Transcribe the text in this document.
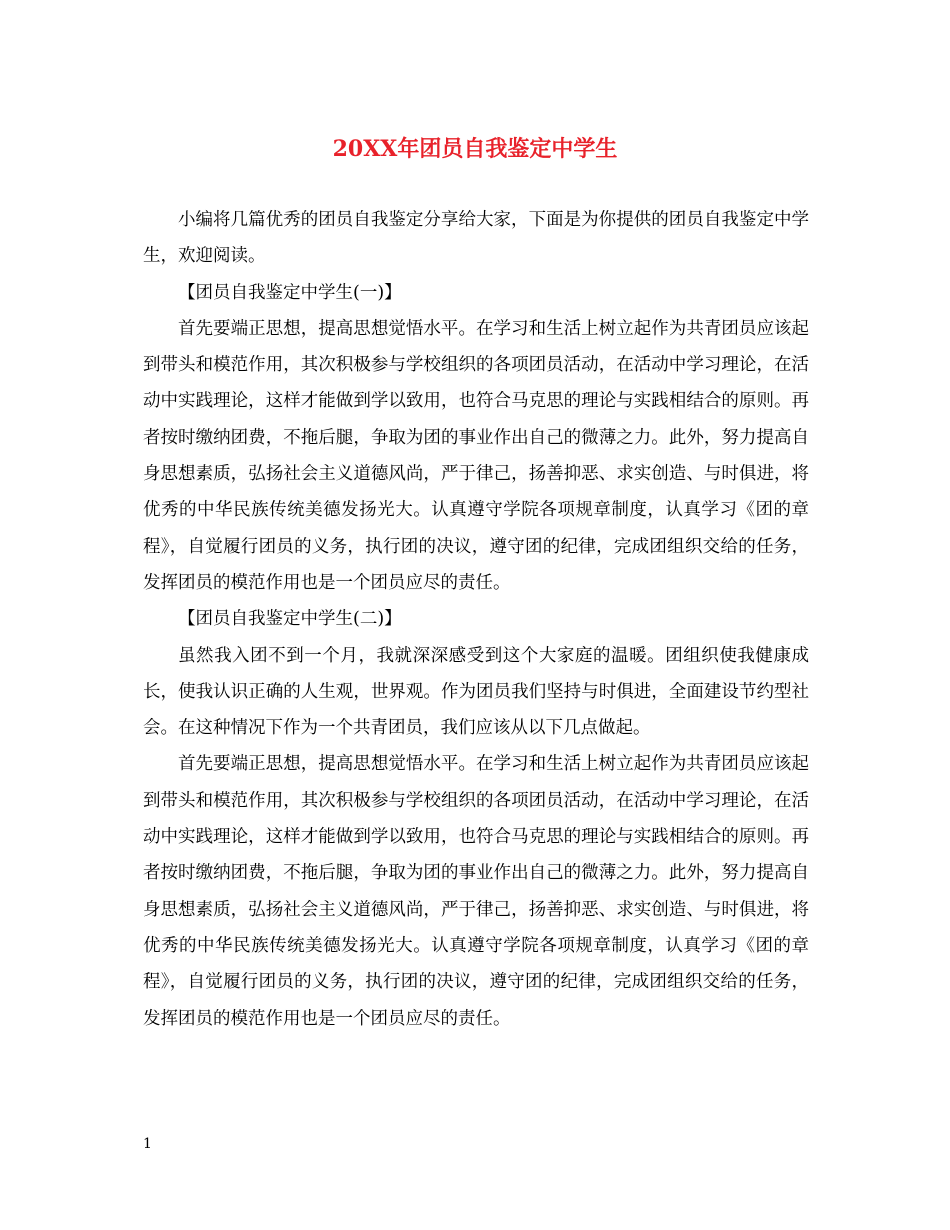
20XX年团员自我鉴定中学生

小编将几篇优秀的团员自我鉴定分享给大家，下面是为你提供的团员自我鉴定中学生，欢迎阅读。

【团员自我鉴定中学生(一)】

首先要端正思想，提高思想觉悟水平。在学习和生活上树立起作为共青团员应该起到带头和模范作用，其次积极参与学校组织的各项团员活动，在活动中学习理论，在活动中实践理论，这样才能做到学以致用，也符合马克思的理论与实践相结合的原则。再者按时缴纳团费，不拖后腿，争取为团的事业作出自己的微薄之力。此外，努力提高自身思想素质，弘扬社会主义道德风尚，严于律己，扬善抑恶、求实创造、与时俱进，将优秀的中华民族传统美德发扬光大。认真遵守学院各项规章制度，认真学习《团的章程》，自觉履行团员的义务，执行团的决议，遵守团的纪律，完成团组织交给的任务，发挥团员的模范作用也是一个团员应尽的责任。

【团员自我鉴定中学生(二)】

虽然我入团不到一个月，我就深深感受到这个大家庭的温暖。团组织使我健康成长，使我认识正确的人生观，世界观。作为团员我们坚持与时俱进，全面建设节约型社会。在这种情况下作为一个共青团员，我们应该从以下几点做起。

首先要端正思想，提高思想觉悟水平。在学习和生活上树立起作为共青团员应该起到带头和模范作用，其次积极参与学校组织的各项团员活动，在活动中学习理论，在活动中实践理论，这样才能做到学以致用，也符合马克思的理论与实践相结合的原则。再者按时缴纳团费，不拖后腿，争取为团的事业作出自己的微薄之力。此外，努力提高自身思想素质，弘扬社会主义道德风尚，严于律己，扬善抑恶、求实创造、与时俱进，将优秀的中华民族传统美德发扬光大。认真遵守学院各项规章制度，认真学习《团的章程》，自觉履行团员的义务，执行团的决议，遵守团的纪律，完成团组织交给的任务，发挥团员的模范作用也是一个团员应尽的责任。

1
